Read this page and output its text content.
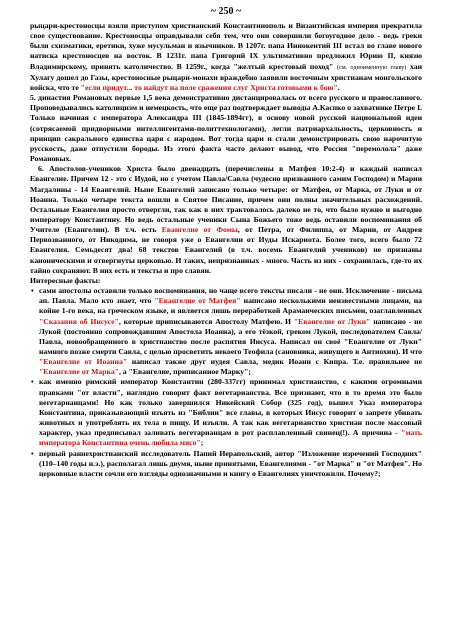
~ 250 ~

рыцари-крестоносцы взяли приступом христианский Константинополь и Византийская империя прекратила свое существование. Крестоносцы оправдывали себя тем, что они совершили богоугодное дело - ведь греки были схизматики, еретики, хуже мусульман и язычников. В 1207г. папа Иннокентий III встал во главе нового натиска крестоносцев на восток. В 1231г. папа Григорий IX ультимативно предложил Юрию II, князю Владимирскому, принять католичество. В 1259г., когда "желтый крестовый поход" (см. одноименную главу) хан Хулагу дошел до Газы, крестоносные рыцари-монахи враждебно заявили восточным христианам монгольского войска, что те "если придут... то найдут на поле сражения слуг Христа готовыми к бою".

5. династия Романовых первые 1,5 века демонстративно дистанцировалась от всего русского и православного. Проповедывались католицизм и немецкость, что еще раз подтверждает выводы А.Каспко о захватнике Петре I. Только начиная с императора Александра III (1845-1894гг), в основу новой русской национальной идеи (сотрясаемой придворными интеллигентами-политтехнологами), легли патриархальность, церковность и принцип сакрального единства царя с народом. Вот тогда цари и стали демонстрировать свою нарочитую русскость, даже отпустили бороды. Из этого факта часто делают вывод, что Россия "перемолола" даже Романовых.

6. Апостолов-учеников Христа было двенадцать (перечислены в Матфея 10:2-4) и каждый написал Евангелие. Причем 12 - это с Иудой, но с учетом Павла/Савла (чудесно призванного самим Господом) и Марии Магдалины - 14 Евангелий. Ныне Евангелий записано только четыре: от Матфея, от Марка, от Луки и от Иоанна. Только четыре текста вошли в Святое Писание, причем они полны значительных расхождений. Остальные Евангелия просто отвергли, так как в них трактовалось далеко не то, что было нужно и выгодно императору Константину. Но ведь остальные ученики Сына Божьего тоже ведь оставили воспоминания об Учителе (Евангелии). В т.ч. есть Евангелие от Фомы, от Петра, от Филиппа, от Марии, от Андрея Первозванного, от Никодима, не говоря уже о Евангелии от Иуды Искариота. Более того, всего было 72 Евангелия. Семьдесят два! 68 текстов Евангелий (в т.ч. восемь Евангелий учеников) не признаны каноническими и отвергнуты церковью. И таких, непризнанных - много. Часть из них - сохранилась, где-то их тайно сохраняют. В них есть и тексты и про славян.

Интересные факты:

• сами апостолы оставили только воспоминания, но чаще всего тексты писали - не они. Исключение - письма ап. Павла. Мало кто знает, что "Евангелие от Матфея" написано несколькими неизвестными лицами, на койне 1-го века, на греческом языке, и является лишь переработкой Арамаических письмен, озаглавленных "Сказания об Иисусе", которые приписываются Апостолу Матфею. И "Евангелие от Луки" написано - не Лукой (постоянно сопровождавшим Апостола Иоанна), а его тёзкой, греком Лукой, последователем Савла/Павла, новообращенного в христианство после распятия Иисуса. Написал он своё "Евангелие от Луки" намного позже смерти Савла, с целью просветить некоего Теофила (сановника, живущего в Антиохии). И что "Евангелие от Иоанна" написал также друг иудея Савла, медик Иоанн с Кипра. Т.е. правильнее не "Евангелие от Марка", а "Евангелие, приписанное Марку";
• как именно римский император Константин (280-337гг) принимал христианство, с какими огромными правками "от власти", наглядно говорит факт вегетарианства. Все признают, что в то время это было вегетарианцами! Но как только завершился Никейский Собор (325 год), вышел Указ императора Константина, приказывающий изъять из "Библии" все главы, в которых Иисус говорит о запрете убивать животных и употреблять их тела в пищу. И изъяли. А так как вегетарианство христиан после массовый характер, указ предписывал заливать вегетарианцам в рот расплавленный свинец(!). А причина - "мать императора Константина очень любила мясо";
• первый раннехристианский исследователь Папий Иерапольский, автор "Изложение изречений Господних" (110–140 годы н.э.), располагал лишь двумя, ныне принятыми, Евангелиями - "от Марка" и "от Матфея". Но церковные власти сочли его взгляды однозначными и книгу о Евангелиях уничтожили. Почему?;
